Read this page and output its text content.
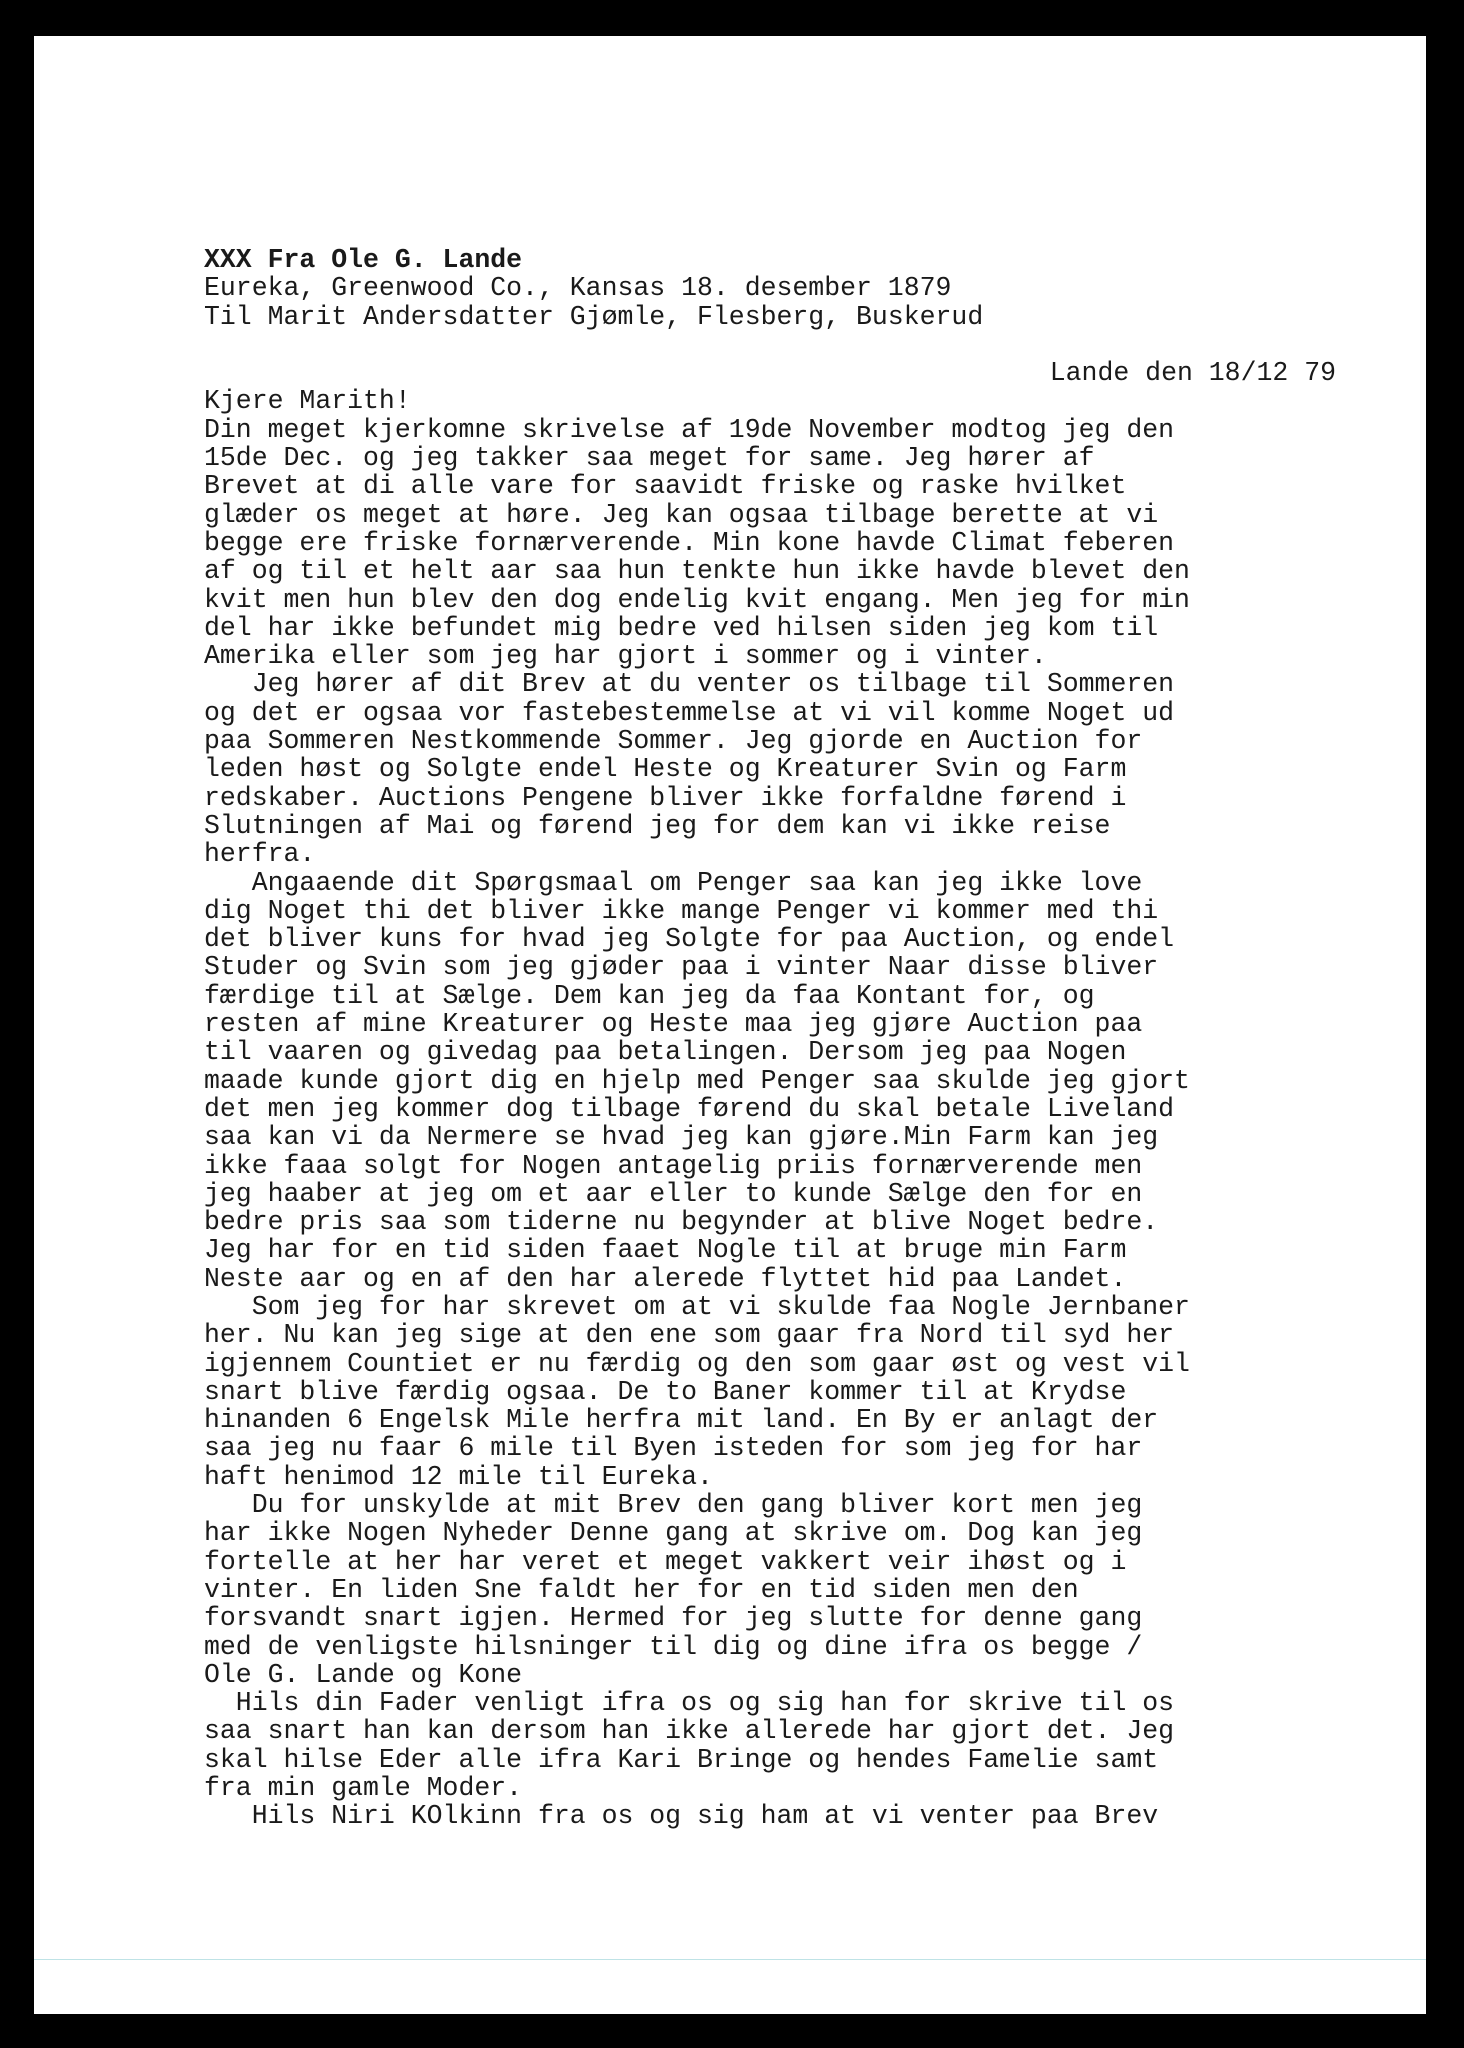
XXX Fra Ole G. Lande
Eureka, Greenwood Co., Kansas 18. desember 1879
Til Marit Andersdatter Gjømle, Flesberg, Buskerud
Lande den 18/12 79
Kjere Marith!
Din meget kjerkomne skrivelse af 19de November modtog jeg den
15de Dec. og jeg takker saa meget for same. Jeg hører af
Brevet at di alle vare for saavidt friske og raske hvilket
glæder os meget at høre. Jeg kan ogsaa tilbage berette at vi
begge ere friske fornærverende. Min kone havde Climat feberen
af og til et helt aar saa hun tenkte hun ikke havde blevet den
kvit men hun blev den dog endelig kvit engang. Men jeg for min
del har ikke befundet mig bedre ved hilsen siden jeg kom til
Amerika eller som jeg har gjort i sommer og i vinter.
Jeg hører af dit Brev at du venter os tilbage til Sommeren
og det er ogsaa vor fastebestemmelse at vi vil komme Noget ud
paa Sommeren Nestkommende Sommer. Jeg gjorde en Auction for
leden høst og Solgte endel Heste og Kreaturer Svin og Farm
redskaber. Auctions Pengene bliver ikke forfaldne førend i
Slutningen af Mai og førend jeg for dem kan vi ikke reise
herfra.
Angaaende dit Spørgsmaal om Penger saa kan jeg ikke love
dig Noget thi det bliver ikke mange Penger vi kommer med thi
det bliver kuns for hvad jeg Solgte for paa Auction, og endel
Studer og Svin som jeg gjøder paa i vinter Naar disse bliver
færdige til at Sælge. Dem kan jeg da faa Kontant for, og
resten af mine Kreaturer og Heste maa jeg gjøre Auction paa
til vaaren og givedag paa betalingen. Dersom jeg paa Nogen
maade kunde gjort dig en hjelp med Penger saa skulde jeg gjort
det men jeg kommer dog tilbage førend du skal betale Liveland
saa kan vi da Nermere se hvad jeg kan gjøre.Min Farm kan jeg
ikke faaa solgt for Nogen antagelig priis fornærverende men
jeg haaber at jeg om et aar eller to kunde Sælge den for en
bedre pris saa som tiderne nu begynder at blive Noget bedre.
Jeg har for en tid siden faaet Nogle til at bruge min Farm
Neste aar og en af den har alerede flyttet hid paa Landet.
Som jeg for har skrevet om at vi skulde faa Nogle Jernbaner
her. Nu kan jeg sige at den ene som gaar fra Nord til syd her
igjennem Countiet er nu færdig og den som gaar øst og vest vil
snart blive færdig ogsaa. De to Baner kommer til at Krydse
hinanden 6 Engelsk Mile herfra mit land. En By er anlagt der
saa jeg nu faar 6 mile til Byen isteden for som jeg for har
haft henimod 12 mile til Eureka.
Du for unskylde at mit Brev den gang bliver kort men jeg
har ikke Nogen Nyheder Denne gang at skrive om. Dog kan jeg
fortelle at her har veret et meget vakkert veir ihøst og i
vinter. En liden Sne faldt her for en tid siden men den
forsvandt snart igjen. Hermed for jeg slutte for denne gang
med de venligste hilsninger til dig og dine ifra os begge /
Ole G. Lande og Kone
Hils din Fader venligt ifra os og sig han for skrive til os
saa snart han kan dersom han ikke allerede har gjort det. Jeg
skal hilse Eder alle ifra Kari Bringe og hendes Famelie samt
fra min gamle Moder.
Hils Niri KOlkinn fra os og sig ham at vi venter paa Brev
